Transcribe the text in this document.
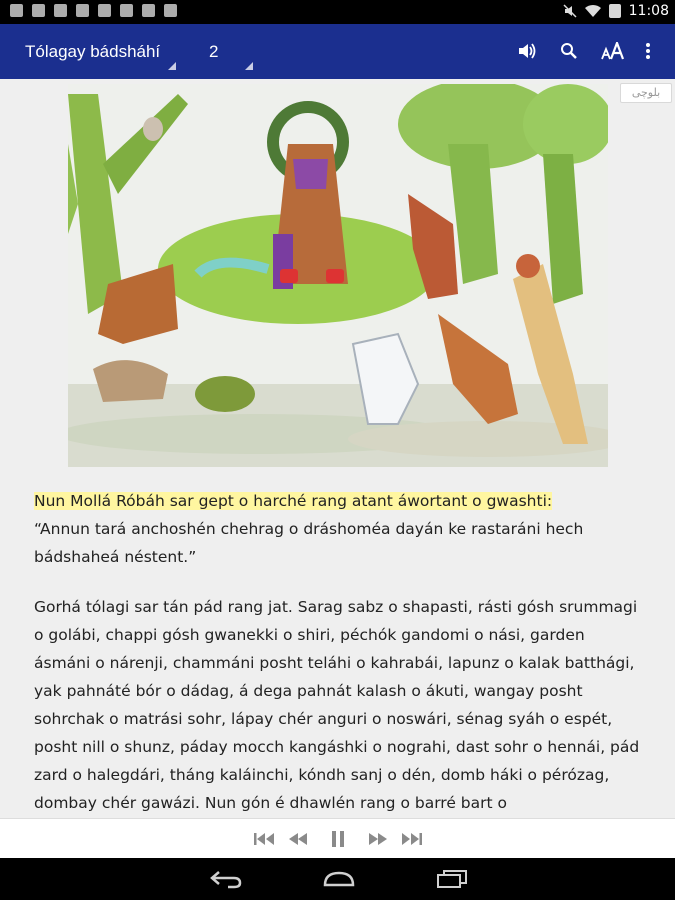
11:08
Tólagay bádsháhí	2
بلوچی
Nun Mollá Róbáh sar gept o harché rang atant áwortant o gwashti:
“Annun tará anchoshén chehrag o dráshoméa dayán ke rastaráni hech bádshaheá néstent.”
Gorhá tólagi sar tán pád rang jat. Sarag sabz o shapasti, rásti gósh srummagi o golábi, chappi gósh gwanekki o shiri, péchók gandomi o nási, garden ásmáni o nárenji, chammáni posht teláhi o kahrabái, lapunz o kalak batthági, yak pahnáté bór o dádag, á dega pahnát kalash o ákuti, wangay posht sohrchak o matrási sohr, lápay chér anguri o noswári, sénag syáh o espét, posht nill o shunz, páday mocch kangáshki o nograhi, dast sohr o hennái, pád zard o halegdári, tháng kaláinchi, kóndh sanj o dén, domb háki o pérózag, dombay chér gawázi. Nun gón é dhawlén rang o barré bart o
